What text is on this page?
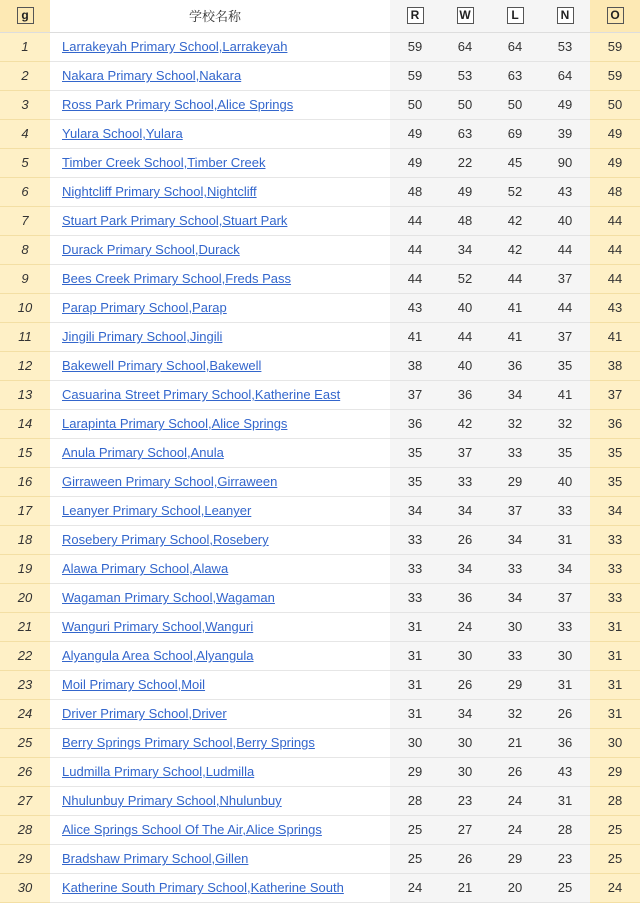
g	学校名称	R	W	L	N	O
1	Larrakeyah Primary School,Larrakeyah	59	64	64	53	59
2	Nakara Primary School,Nakara	59	53	63	64	59
3	Ross Park Primary School,Alice Springs	50	50	50	49	50
4	Yulara School,Yulara	49	63	69	39	49
5	Timber Creek School,Timber Creek	49	22	45	90	49
6	Nightcliff Primary School,Nightcliff	48	49	52	43	48
7	Stuart Park Primary School,Stuart Park	44	48	42	40	44
8	Durack Primary School,Durack	44	34	42	44	44
9	Bees Creek Primary School,Freds Pass	44	52	44	37	44
10	Parap Primary School,Parap	43	40	41	44	43
11	Jingili Primary School,Jingili	41	44	41	37	41
12	Bakewell Primary School,Bakewell	38	40	36	35	38
13	Casuarina Street Primary School,Katherine East	37	36	34	41	37
14	Larapinta Primary School,Alice Springs	36	42	32	32	36
15	Anula Primary School,Anula	35	37	33	35	35
16	Girraween Primary School,Girraween	35	33	29	40	35
17	Leanyer Primary School,Leanyer	34	34	37	33	34
18	Rosebery Primary School,Rosebery	33	26	34	31	33
19	Alawa Primary School,Alawa	33	34	33	34	33
20	Wagaman Primary School,Wagaman	33	36	34	37	33
21	Wanguri Primary School,Wanguri	31	24	30	33	31
22	Alyangula Area School,Alyangula	31	30	33	30	31
23	Moil Primary School,Moil	31	26	29	31	31
24	Driver Primary School,Driver	31	34	32	26	31
25	Berry Springs Primary School,Berry Springs	30	30	21	36	30
26	Ludmilla Primary School,Ludmilla	29	30	26	43	29
27	Nhulunbuy Primary School,Nhulunbuy	28	23	24	31	28
28	Alice Springs School Of The Air,Alice Springs	25	27	24	28	25
29	Bradshaw Primary School,Gillen	25	26	29	23	25
30	Katherine South Primary School,Katherine South	24	21	20	25	24
